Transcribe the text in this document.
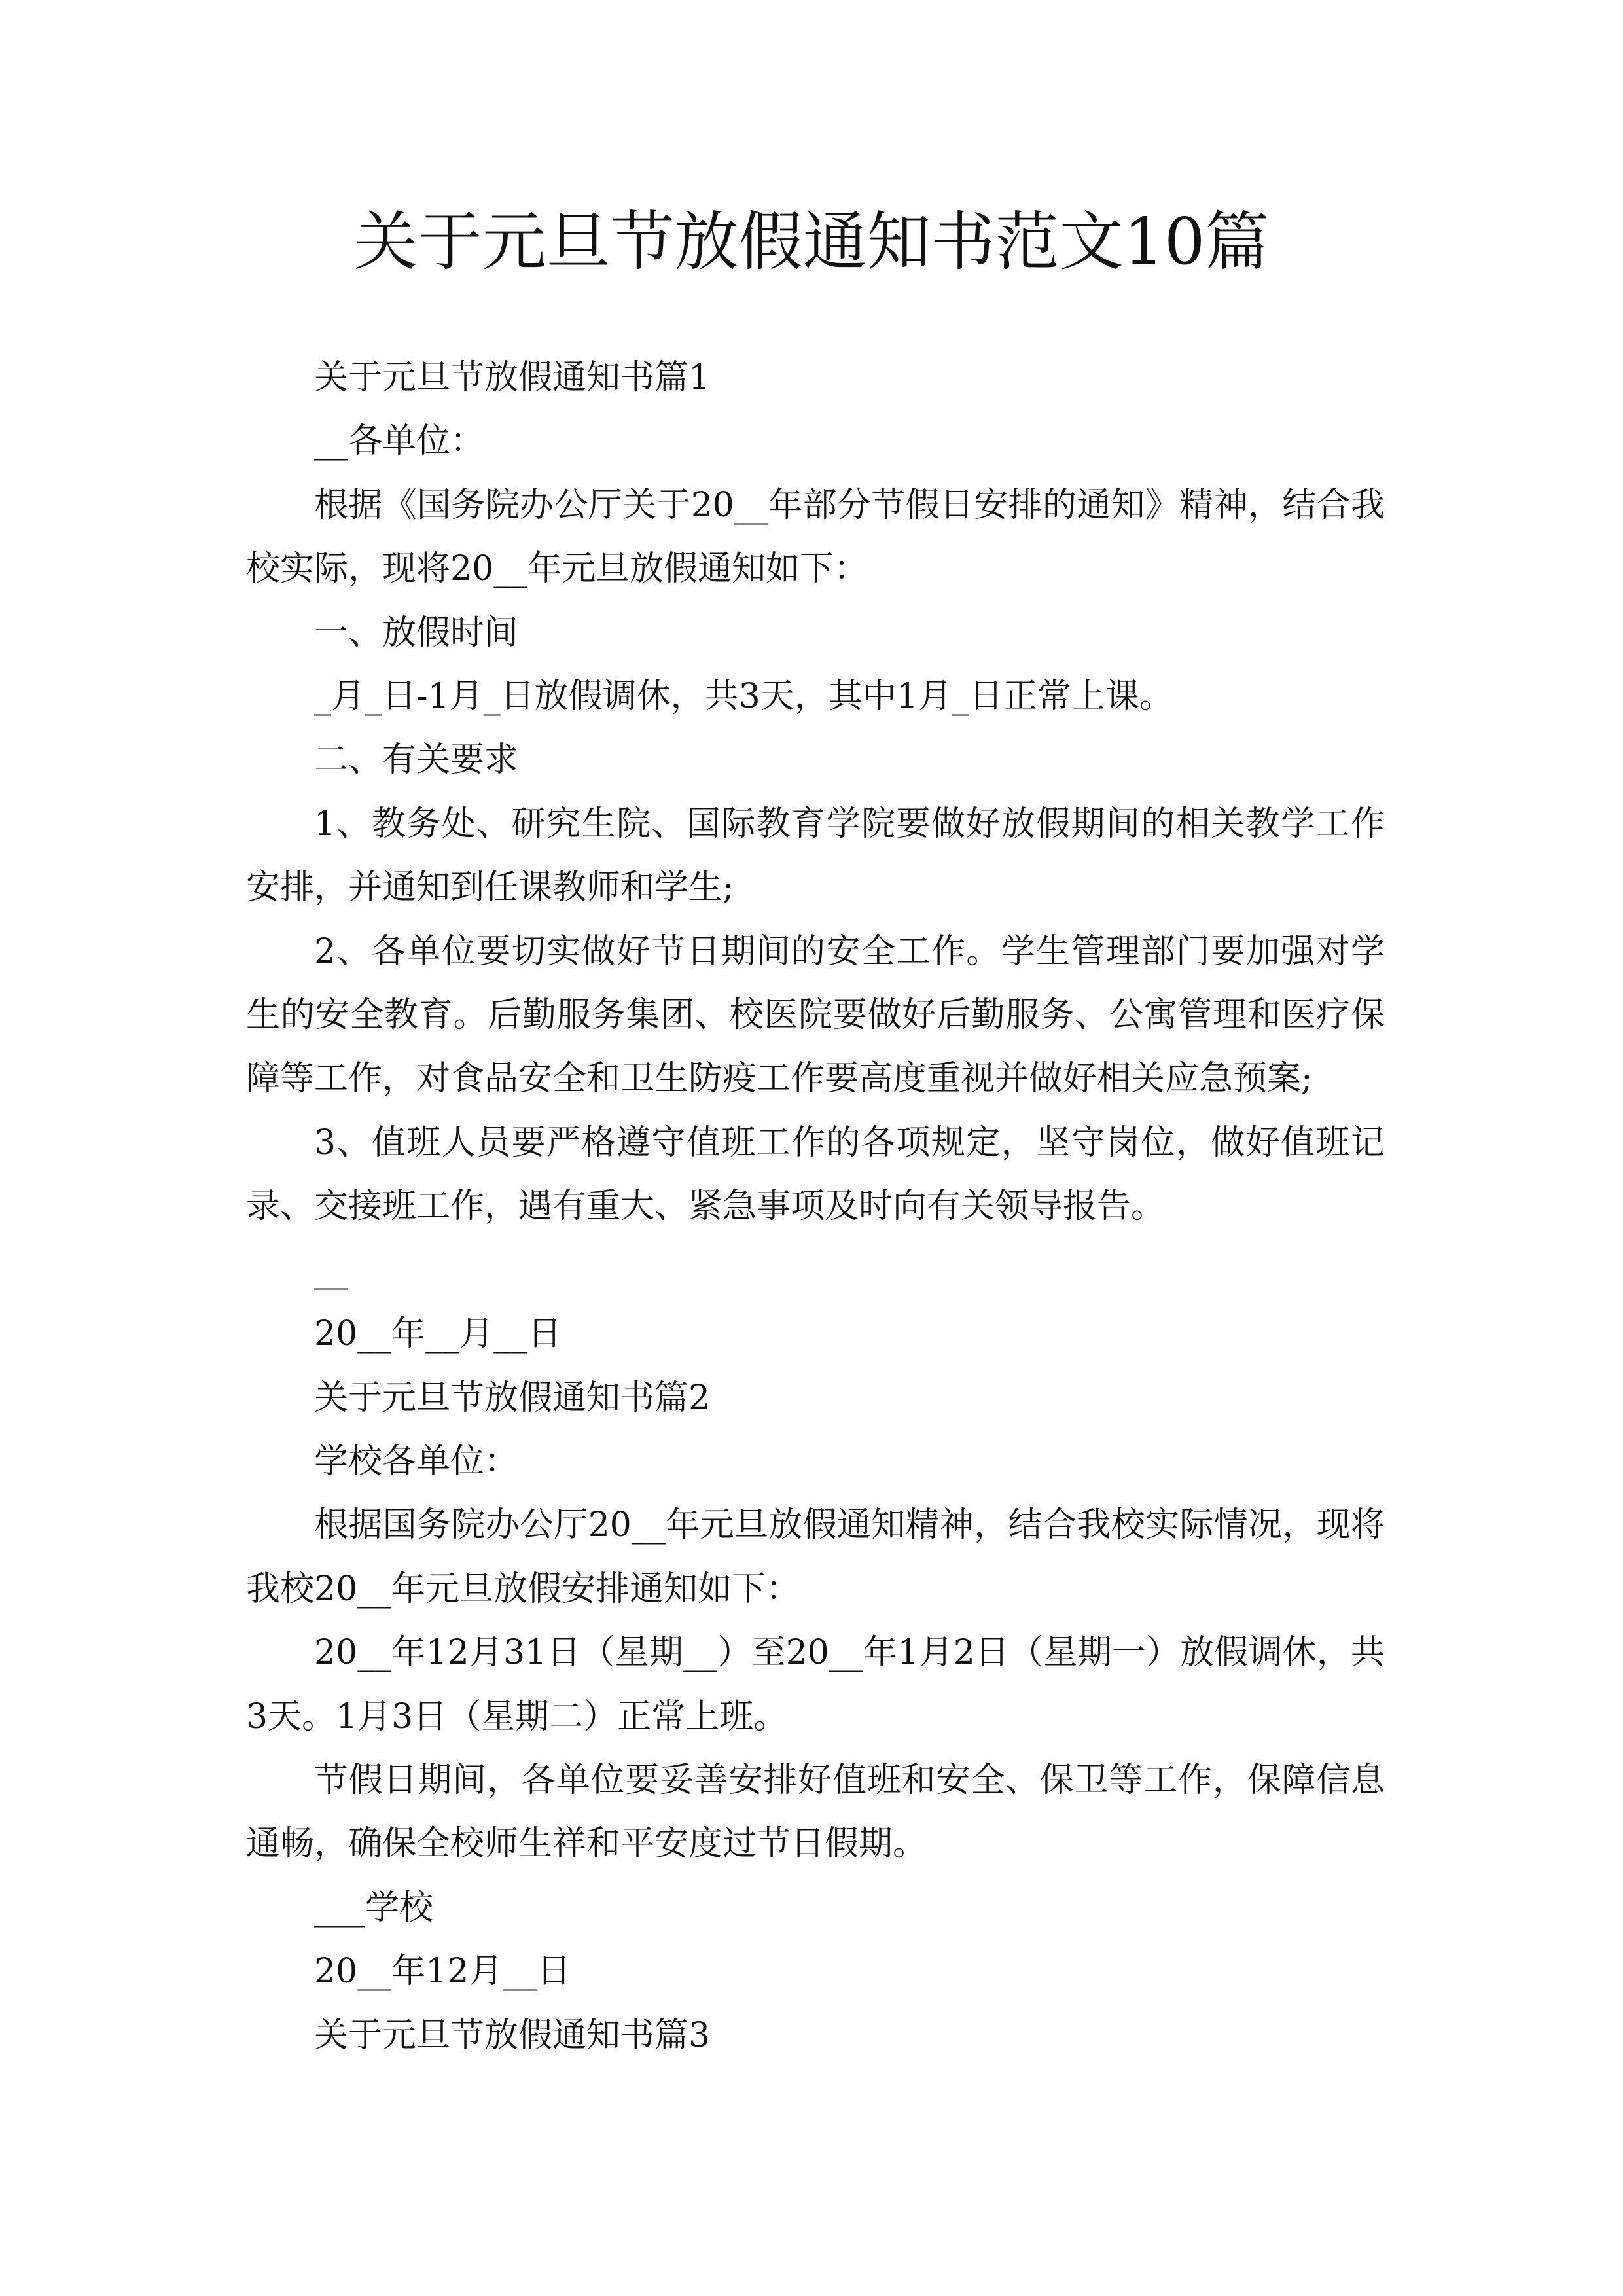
关于元旦节放假通知书范文10篇

关于元旦节放假通知书篇1

__各单位：

根据《国务院办公厅关于20__年部分节假日安排的通知》精神，结合我校实际，现将20__年元旦放假通知如下：

一、放假时间

_月_日-1月_日放假调休，共3天，其中1月_日正常上课。

二、有关要求

1、教务处、研究生院、国际教育学院要做好放假期间的相关教学工作安排，并通知到任课教师和学生;

2、各单位要切实做好节日期间的安全工作。学生管理部门要加强对学生的安全教育。后勤服务集团、校医院要做好后勤服务、公寓管理和医疗保障等工作，对食品安全和卫生防疫工作要高度重视并做好相关应急预案;

3、值班人员要严格遵守值班工作的各项规定，坚守岗位，做好值班记录、交接班工作，遇有重大、紧急事项及时向有关领导报告。

__

20__年__月__日

关于元旦节放假通知书篇2

学校各单位：

根据国务院办公厅20__年元旦放假通知精神，结合我校实际情况，现将我校20__年元旦放假安排通知如下：

20__年12月31日（星期__）至20__年1月2日（星期一）放假调休，共3天。1月3日（星期二）正常上班。

节假日期间，各单位要妥善安排好值班和安全、保卫等工作，保障信息通畅，确保全校师生祥和平安度过节日假期。

___学校

20__年12月__日

关于元旦节放假通知书篇3
